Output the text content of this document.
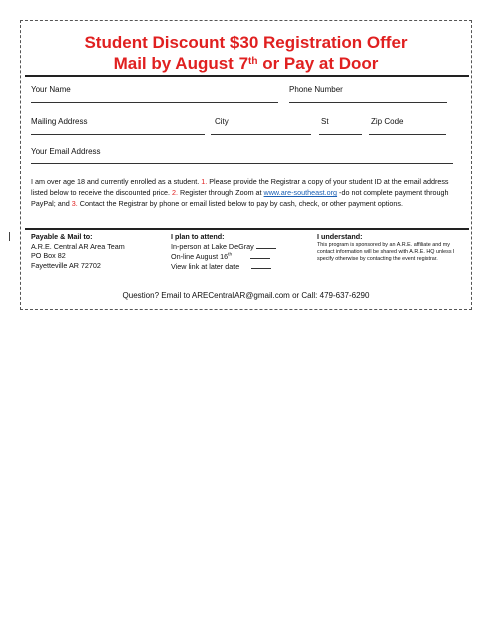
Student Discount $30 Registration Offer
Mail by August 7th or Pay at Door
Your Name	Phone Number
Mailing Address	City	St	Zip Code
Your Email Address
I am over age 18 and currently enrolled as a student. 1. Please provide the Registrar a copy of your student ID at the email address listed below to receive the discounted price. 2. Register through Zoom at www.are-southeast.org -do not complete payment through PayPal; and 3. Contact the Registrar by phone or email listed below to pay by cash, check, or other payment options.
Payable & Mail to:
A.R.E. Central AR Area Team
PO Box 82
Fayetteville AR 72702
I plan to attend:
In-person at Lake DeGray
On-line August 16th
View link at later date
I understand:

This program is sponsored by an A.R.E. affiliate and my contact information will be shared with A.R.E. HQ unless I specify otherwise by contacting the event registrar.
Question? Email to ARECentralAR@gmail.com or Call: 479-637-6290
